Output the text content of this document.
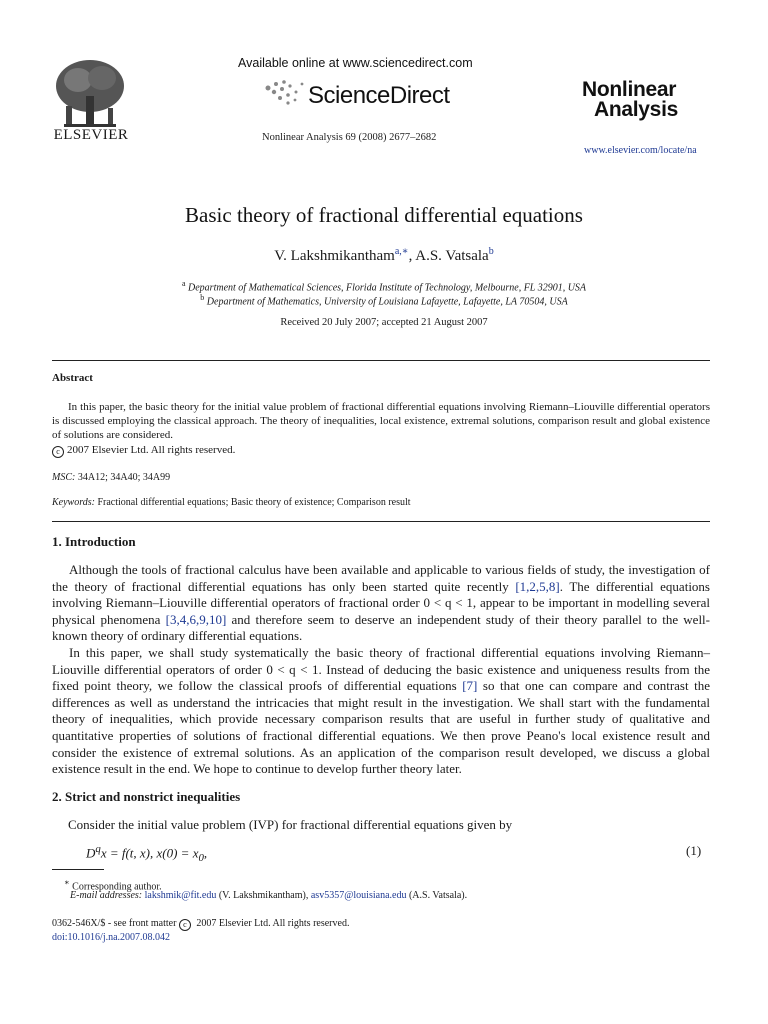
ELSEVIER
Available online at www.sciencedirect.com
ScienceDirect
Nonlinear Analysis 69 (2008) 2677–2682
Nonlinear
Analysis
www.elsevier.com/locate/na
Basic theory of fractional differential equations
V. Lakshmikantham$^{a,∗}$, A.S. Vatsala$^b$
$^a$ Department of Mathematical Sciences, Florida Institute of Technology, Melbourne, FL 32901, USA
$^b$ Department of Mathematics, University of Louisiana Lafayette, Lafayette, LA 70504, USA
Received 20 July 2007; accepted 21 August 2007
Abstract
In this paper, the basic theory for the initial value problem of fractional differential equations involving Riemann–Liouville differential operators is discussed employing the classical approach. The theory of inequalities, local existence, extremal solutions, comparison result and global existence of solutions are considered.
c 2007 Elsevier Ltd. All rights reserved.
MSC: 34A12; 34A40; 34A99
Keywords: Fractional differential equations; Basic theory of existence; Comparison result
1. Introduction
Although the tools of fractional calculus have been available and applicable to various fields of study, the investigation of the theory of fractional differential equations has only been started quite recently [1,2,5,8]. The differential equations involving Riemann–Liouville differential operators of fractional order 0 < q < 1, appear to be important in modelling several physical phenomena [3,4,6,9,10] and therefore seem to deserve an independent study of their theory parallel to the well-known theory of ordinary differential equations.
In this paper, we shall study systematically the basic theory of fractional differential equations involving Riemann–Liouville differential operators of order 0 < q < 1. Instead of deducing the basic existence and uniqueness results from the fixed point theory, we follow the classical proofs of differential equations [7] so that one can compare and contrast the differences as well as understand the intricacies that might result in the investigation. We shall start with the fundamental theory of inequalities, which provide necessary comparison results that are useful in further study of qualitative and quantitative properties of solutions of fractional differential equations. We then prove Peano's local existence result and consider the existence of extremal solutions. As an application of the comparison result developed, we discuss a global existence result in the end. We hope to continue to develop further theory later.
2. Strict and nonstrict inequalities
Consider the initial value problem (IVP) for fractional differential equations given by
$D^qx = f(t$, x), $x(0) = x_0$,	(1)
∗ Corresponding author.
E-mail addresses: lakshmik@fit.edu (V. Lakshmikantham), asv5357@louisiana.edu (A.S. Vatsala).
0362-546X/$ - see front matter c 2007 Elsevier Ltd. All rights reserved.
doi:10.1016/j.na.2007.08.042
